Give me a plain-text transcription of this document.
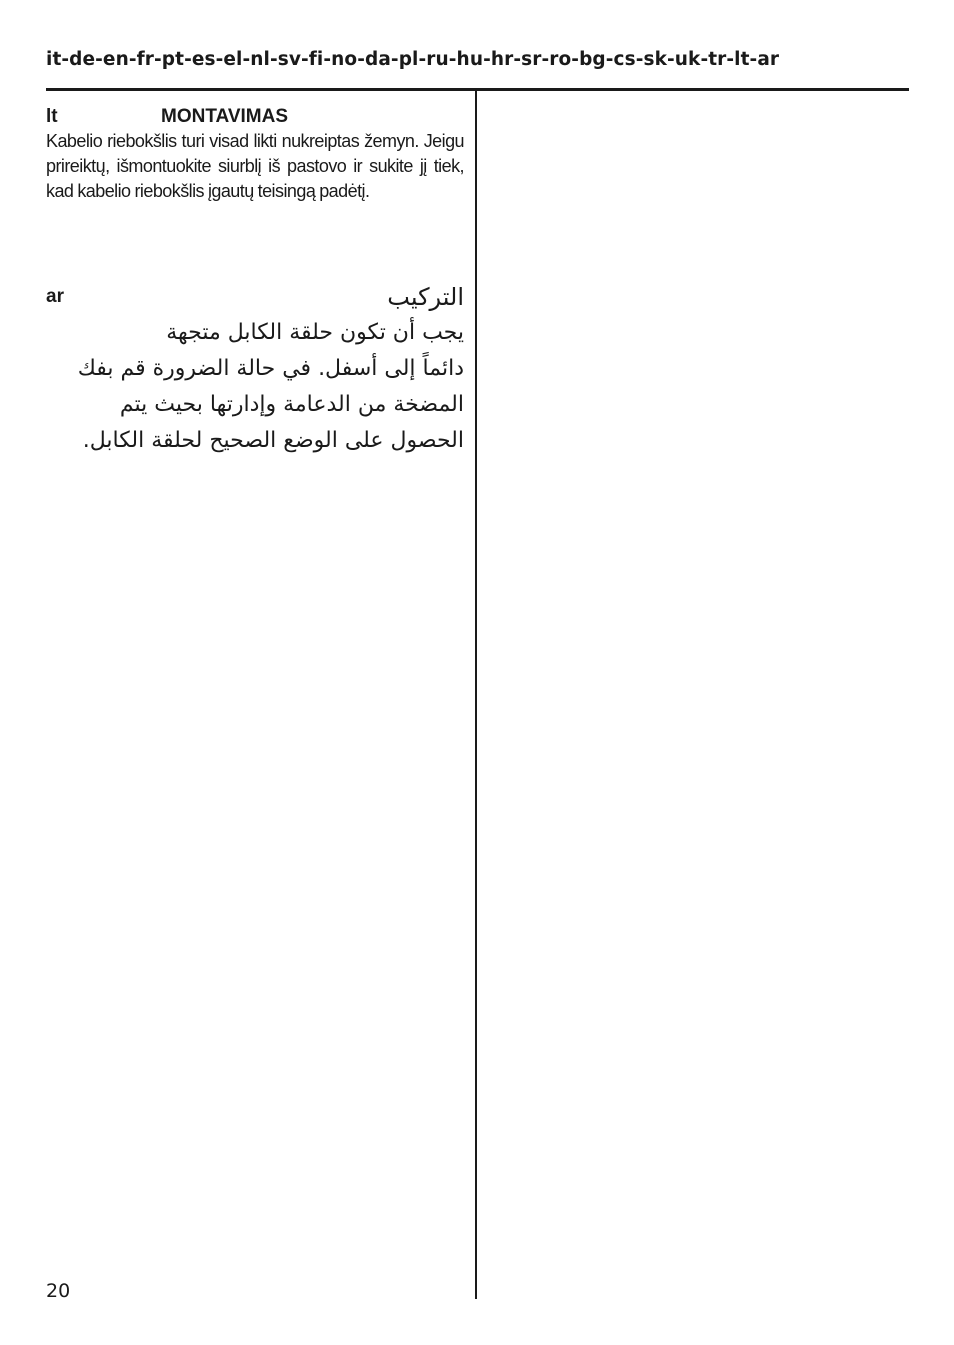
it-de-en-fr-pt-es-el-nl-sv-fi-no-da-pl-ru-hu-hr-sr-ro-bg-cs-sk-uk-tr-lt-ar
lt	MONTAVIMAS

Kabelio riebokšlis turi visad likti nukreiptas žemyn. Jeigu prireiktų, išmontuokite siurblį iš pastovo ir sukite jį tiek, kad kabelio riebokšlis įgautų teisingą padėtį.

ar	التركيب

يجب أن تكون حلقة الكابل متجهة
دائماً إلى أسفل. في حالة الضرورة قم بفك
المضخة من الدعامة وإدارتها بحيث يتم
الحصول على الوضع الصحيح لحلقة الكابل.

20
